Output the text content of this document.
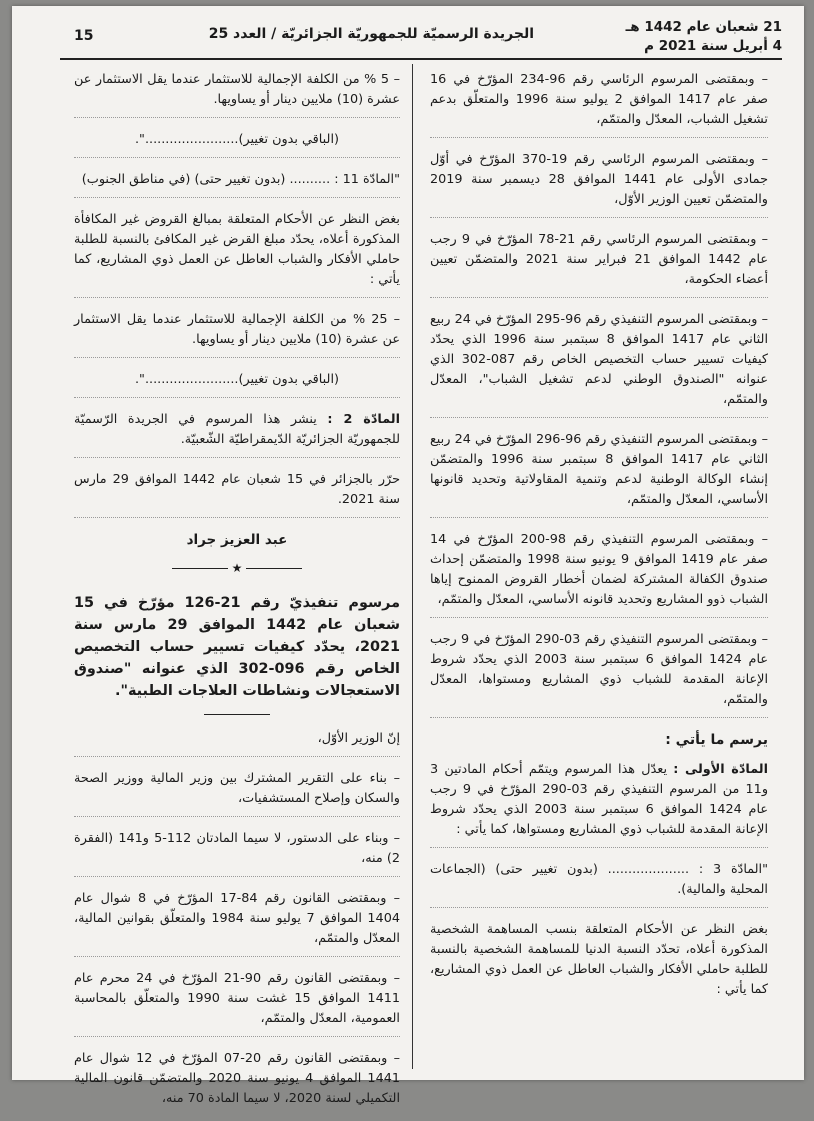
21 شعبان عام 1442 هـ
4 أبريل سنة 2021 م
الجريدة الرسميّة للجمهوريّة الجزائريّة / العدد 25
15

– وبمقتضى المرسوم الرئاسي رقم 96-234 المؤرّخ في 16 صفر عام 1417 الموافق 2 يوليو سنة 1996 والمتعلّق بدعم تشغيل الشباب، المعدّل والمتمّم،

– وبمقتضى المرسوم الرئاسي رقم 19-370 المؤرّخ في أوّل جمادى الأولى عام 1441 الموافق 28 ديسمبر سنة 2019 والمتضمّن تعيين الوزير الأوّل،

– وبمقتضى المرسوم الرئاسي رقم 21-78 المؤرّخ في 9 رجب عام 1442 الموافق 21 فبراير سنة 2021 والمتضمّن تعيين أعضاء الحكومة،

– وبمقتضى المرسوم التنفيذي رقم 96-295 المؤرّخ في 24 ربيع الثاني عام 1417 الموافق 8 سبتمبر سنة 1996 الذي يحدّد كيفيات تسيير حساب التخصيص الخاص رقم 087-302 الذي عنوانه "الصندوق الوطني لدعم تشغيل الشباب"، المعدّل والمتمّم،

– وبمقتضى المرسوم التنفيذي رقم 96-296 المؤرّخ في 24 ربيع الثاني عام 1417 الموافق 8 سبتمبر سنة 1996 والمتضمّن إنشاء الوكالة الوطنية لدعم وتنمية المقاولاتية وتحديد قانونها الأساسي، المعدّل والمتمّم،

– وبمقتضى المرسوم التنفيذي رقم 98-200 المؤرّخ في 14 صفر عام 1419 الموافق 9 يونيو سنة 1998 والمتضمّن إحداث صندوق الكفالة المشتركة لضمان أخطار القروض الممنوح إياها الشباب ذوو المشاريع وتحديد قانونه الأساسي، المعدّل والمتمّم،

– وبمقتضى المرسوم التنفيذي رقم 03-290 المؤرّخ في 9 رجب عام 1424 الموافق 6 سبتمبر سنة 2003 الذي يحدّد شروط الإعانة المقدمة للشباب ذوي المشاريع ومستواها، المعدّل والمتمّم،

يرسم ما يأتي :

المادّة الأولى : يعدّل هذا المرسوم ويتمّم أحكام المادتين 3 و11 من المرسوم التنفيذي رقم 03-290 المؤرّخ في 9 رجب عام 1424 الموافق 6 سبتمبر سنة 2003 الذي يحدّد شروط الإعانة المقدمة للشباب ذوي المشاريع ومستواها، كما يأتي :

"المادّة 3 : .................... (بدون تغيير حتى) (الجماعات المحلية والمالية).

بغض النظر عن الأحكام المتعلقة بنسب المساهمة الشخصية المذكورة أعلاه، تحدّد النسبة الدنيا للمساهمة الشخصية بالنسبة للطلبة حاملي الأفكار والشباب العاطل عن العمل ذوي المشاريع، كما يأتي :

– 5 % من الكلفة الإجمالية للاستثمار عندما يقل الاستثمار عن عشرة (10) ملايين دينار أو يساويها.

(الباقي بدون تغيير).......................".

"المادّة 11 : .......... (بدون تغيير حتى) (في مناطق الجنوب)

بغض النظر عن الأحكام المتعلقة بمبالغ القروض غير المكافأة المذكورة أعلاه، يحدّد مبلغ القرض غير المكافئ بالنسبة للطلبة حاملي الأفكار والشباب العاطل عن العمل ذوي المشاريع، كما يأتي :

– 25 % من الكلفة الإجمالية للاستثمار عندما يقل الاستثمار عن عشرة (10) ملايين دينار أو يساويها.

(الباقي بدون تغيير).......................".

المادّة 2 : ينشر هذا المرسوم في الجريدة الرّسميّة للجمهوريّة الجزائريّة الدّيمقراطيّة الشّعبيّة.

حرّر بالجزائر في 15 شعبان عام 1442 الموافق 29 مارس سنة 2021.

عبد العزيز جراد
★

مرسوم تنفيذيّ رقم 21-126 مؤرّخ في 15 شعبان عام 1442 الموافق 29 مارس سنة 2021، يحدّد كيفيات تسيير حساب التخصيص الخاص رقم 096-302 الذي عنوانه "صندوق الاستعجالات ونشاطات العلاجات الطبية".

إنّ الوزير الأوّل،

– بناء على التقرير المشترك بين وزير المالية ووزير الصحة والسكان وإصلاح المستشفيات،

– وبناء على الدستور، لا سيما المادتان 112-5 و141 (الفقرة 2) منه،

– وبمقتضى القانون رقم 84-17 المؤرّخ في 8 شوال عام 1404 الموافق 7 يوليو سنة 1984 والمتعلّق بقوانين المالية، المعدّل والمتمّم،

– وبمقتضى القانون رقم 90-21 المؤرّخ في 24 محرم عام 1411 الموافق 15 غشت سنة 1990 والمتعلّق بالمحاسبة العمومية، المعدّل والمتمّم،

– وبمقتضى القانون رقم 20-07 المؤرّخ في 12 شوال عام 1441 الموافق 4 يونيو سنة 2020 والمتضمّن قانون المالية التكميلي لسنة 2020، لا سيما المادة 70 منه،
